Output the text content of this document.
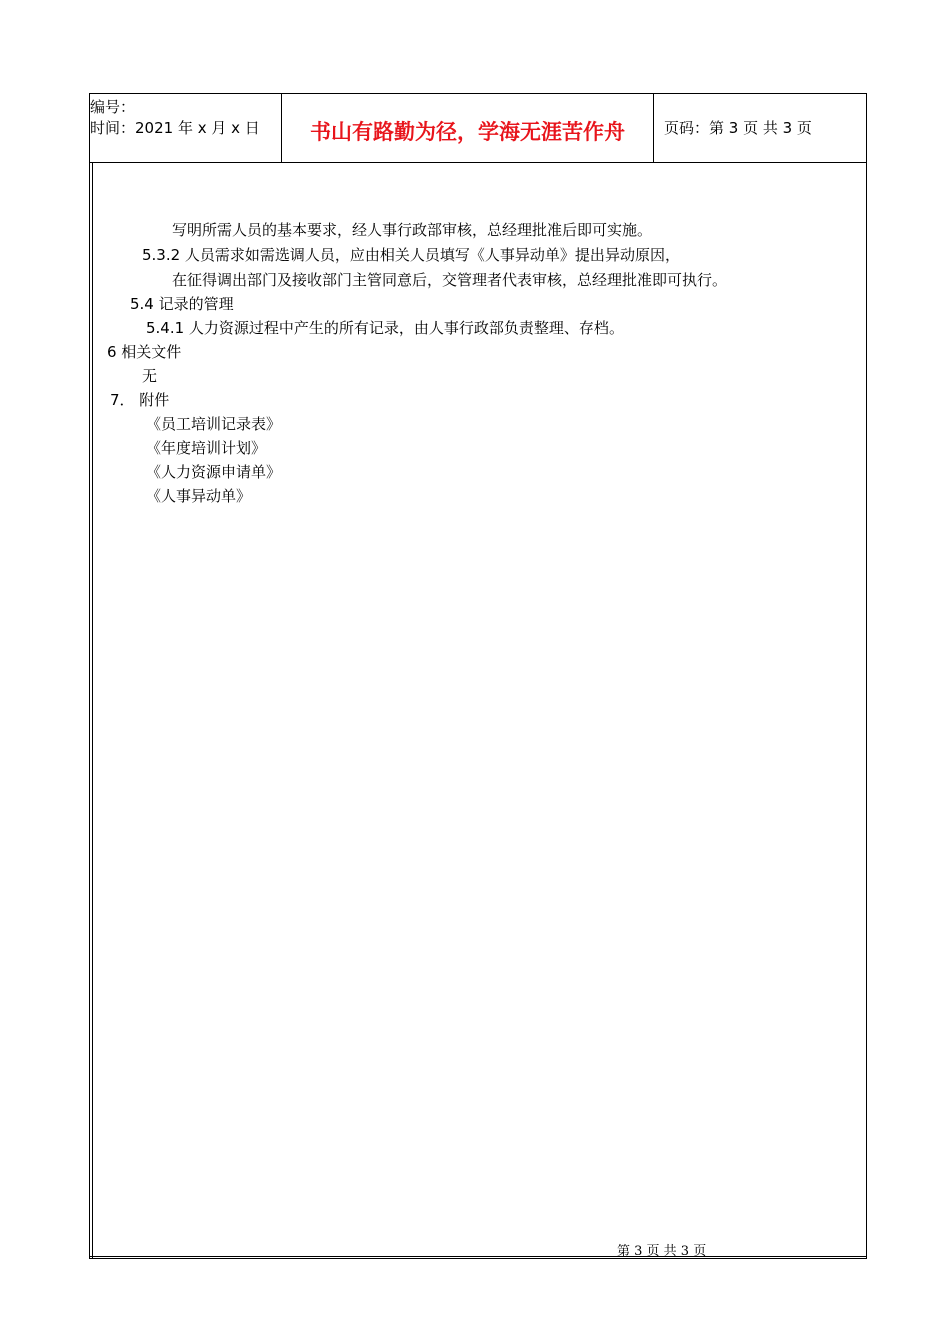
编号：
时间：2021 年 x 月 x 日	书山有路勤为径，学海无涯苦作舟	页码：第 3 页 共 3 页
写明所需人员的基本要求，经人事行政部审核，总经理批准后即可实施。
5.3.2 人员需求如需选调人员，应由相关人员填写《人事异动单》提出异动原因，
在征得调出部门及接收部门主管同意后，交管理者代表审核，总经理批准即可执行。
5.4 记录的管理
5.4.1 人力资源过程中产生的所有记录，由人事行政部负责整理、存档。
6 相关文件
无
7． 附件
《员工培训记录表》
《年度培训计划》
《人力资源申请单》
《人事异动单》
第 3 页 共 3 页
